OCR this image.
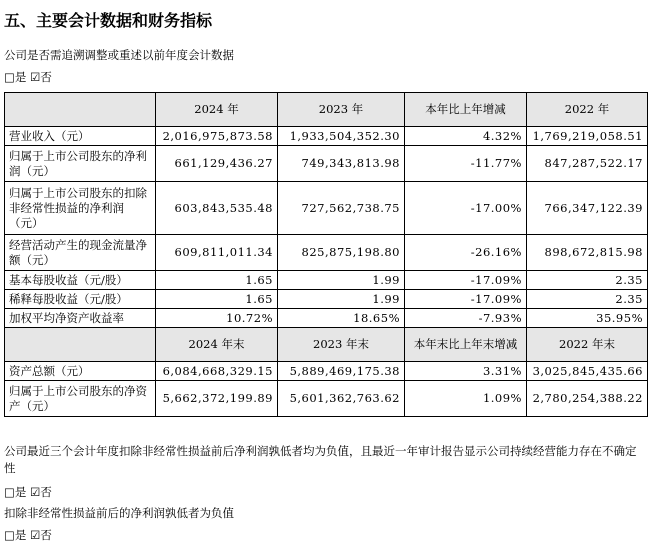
五、主要会计数据和财务指标
公司是否需追溯调整或重述以前年度会计数据
□是 ☑否
	2024 年	2023 年	本年比上年增减	2022 年
营业收入（元）	2,016,975,873.58	1,933,504,352.30	4.32%	1,769,219,058.51
归属于上市公司股东的净利润（元）	661,129,436.27	749,343,813.98	-11.77%	847,287,522.17
归属于上市公司股东的扣除非经常性损益的净利润（元）	603,843,535.48	727,562,738.75	-17.00%	766,347,122.39
经营活动产生的现金流量净额（元）	609,811,011.34	825,875,198.80	-26.16%	898,672,815.98
基本每股收益（元/股）	1.65	1.99	-17.09%	2.35
稀释每股收益（元/股）	1.65	1.99	-17.09%	2.35
加权平均净资产收益率	10.72%	18.65%	-7.93%	35.95%
	2024 年末	2023 年末	本年末比上年末增减	2022 年末
资产总额（元）	6,084,668,329.15	5,889,469,175.38	3.31%	3,025,845,435.66
归属于上市公司股东的净资产（元）	5,662,372,199.89	5,601,362,763.62	1.09%	2,780,254,388.22
公司最近三个会计年度扣除非经常性损益前后净利润孰低者均为负值，且最近一年审计报告显示公司持续经营能力存在不确定性
□是 ☑否
扣除非经常性损益前后的净利润孰低者为负值
□是 ☑否
